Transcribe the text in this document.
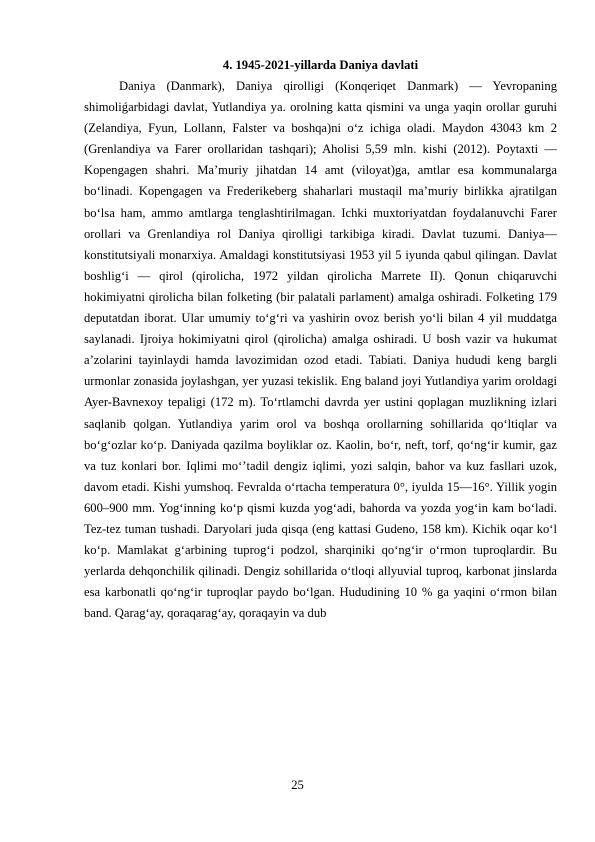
4. 1945-2021-yillarda Daniya davlati

Daniya (Danmark), Daniya qirolligi (Konqeriqet Danmark) — Yevropaning shimoliǵarbidagi davlat, Yutlandiya ya. orolning katta qismini va unga yaqin orollar guruhi (Zelandiya, Fyun, Lollann, Falster va boshqa)ni oʻz ichiga oladi. Maydon 43043 km 2 (Grenlandiya va Farer orollaridan tashqari); Aholisi 5,59 mln. kishi (2012). Poytaxti — Kopengagen shahri. Maʼmuriy jihatdan 14 amt (viloyat)ga, amtlar esa kommunalarga boʻlinadi. Kopengagen va Frederikeberg shaharlari mustaqil maʼmuriy birlikka ajratilgan boʻlsa ham, ammo amtlarga tenglashtirilmagan. Ichki muxtoriyatdan foydalanuvchi Farer orollari va Grenlandiya rol Daniya qirolligi tarkibiga kiradi. Davlat tuzumi. Daniya— konstitutsiyali monarxiya. Amaldagi konstitutsiyasi 1953 yil 5 iyunda qabul qilingan. Davlat boshligʻi — qirol (qirolicha, 1972 yildan qirolicha Marrete II). Qonun chiqaruvchi hokimiyatni qirolicha bilan folketing (bir palatali parlament) amalga oshiradi. Folketing 179 deputatdan iborat. Ular umumiy toʻgʻri va yashirin ovoz berish yoʻli bilan 4 yil muddatga saylanadi. Ijroiya hokimiyatni qirol (qirolicha) amalga oshiradi. U bosh vazir va hukumat aʼzolarini tayinlaydi hamda lavozimidan ozod etadi. Tabiati. Daniya hududi keng bargli urmonlar zonasida joylashgan, yer yuzasi tekislik. Eng baland joyi Yutlandiya yarim oroldagi Ayer-Bavnexoy tepaligi (172 m). Toʻrtlamchi davrda yer ustini qoplagan muzlikning izlari saqlanib qolgan. Yutlandiya yarim orol va boshqa orollarning sohillarida qoʻltiqlar va boʻgʻozlar koʻp. Daniyada qazilma boyliklar oz. Kaolin, boʻr, neft, torf, qoʻngʻir kumir, gaz va tuz konlari bor. Iqlimi moʻʼtadil dengiz iqlimi, yozi salqin, bahor va kuz fasllari uzok, davom etadi. Kishi yumshoq. Fevralda oʻrtacha temperatura 0°, iyulda 15—16°. Yillik yogin 600–900 mm. Yogʻinning koʻp qismi kuzda yogʻadi, bahorda va yozda yogʻin kam boʻladi. Tez-tez tuman tushadi. Daryolari juda qisqa (eng kattasi Gudeno, 158 km). Kichik oqar koʻl koʻp. Mamlakat gʻarbining tuprogʻi podzol, sharqiniki qoʻngʻir oʻrmon tuproqlardir. Bu yerlarda dehqonchilik qilinadi. Dengiz sohillarida oʻtloqi allyuvial tuproq, karbonat jinslarda esa karbonatli qoʻngʻir tuproqlar paydo boʻlgan. Hududining 10 % ga yaqini oʻrmon bilan band. Qaragʻay, qoraqaragʻay, qoraqayin va dub

25
